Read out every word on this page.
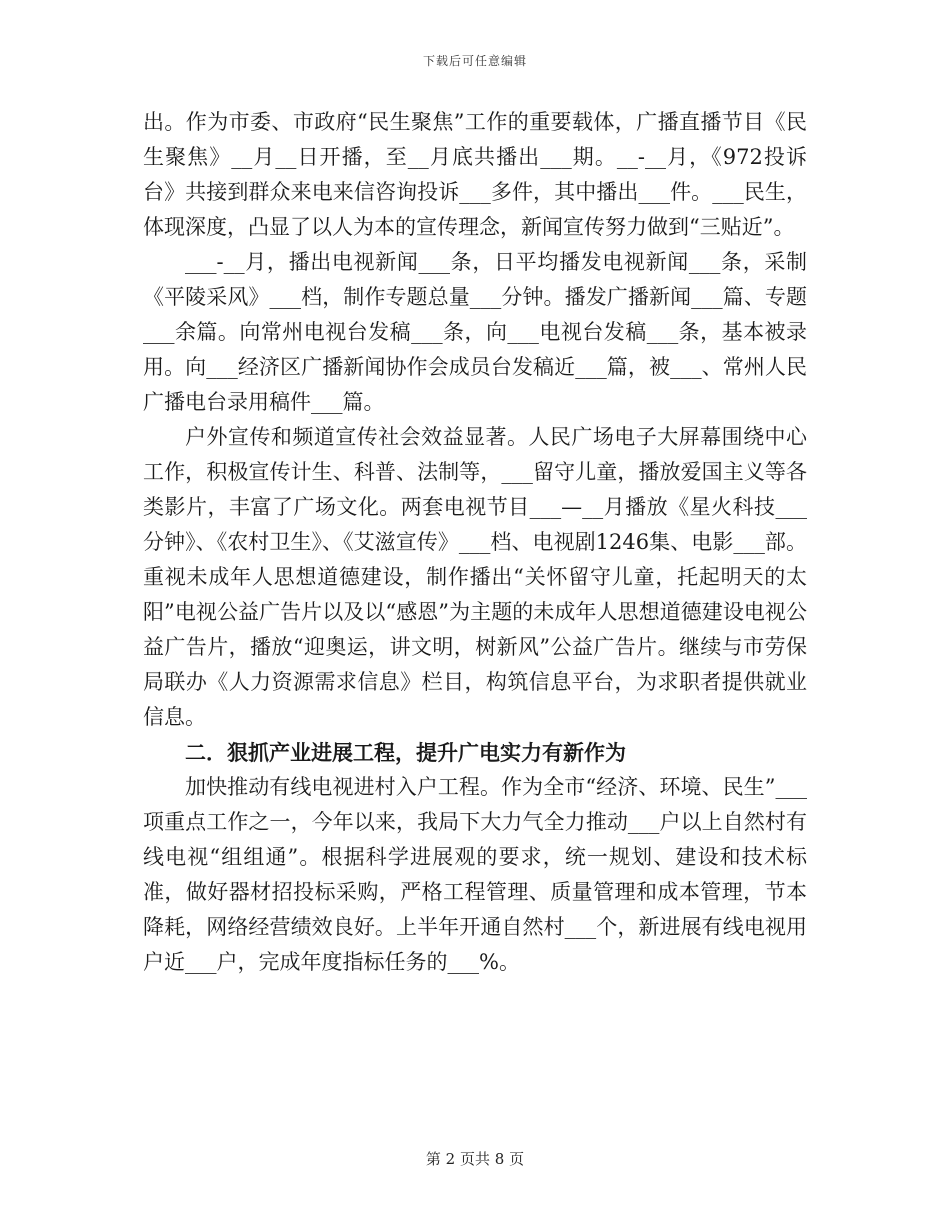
下载后可任意编辑

出。作为市委、市政府“民生聚焦”工作的重要载体，广播直播节目《民生聚焦》__月__日开播，至__月底共播出___期。__-__月，《972投诉台》共接到群众来电来信咨询投诉___多件，其中播出___件。___民生，体现深度，凸显了以人为本的宣传理念，新闻宣传努力做到“三贴近”。

___-__月，播出电视新闻___条，日平均播发电视新闻___条，采制《平陵采风》___档，制作专题总量___分钟。播发广播新闻___篇、专题___余篇。向常州电视台发稿___条，向___电视台发稿___条，基本被录用。向___经济区广播新闻协作会成员台发稿近___篇，被___、常州人民广播电台录用稿件___篇。

户外宣传和频道宣传社会效益显著。人民广场电子大屏幕围绕中心工作，积极宣传计生、科普、法制等，___留守儿童，播放爱国主义等各类影片，丰富了广场文化。两套电视节目___—__月播放《星火科技___分钟》、《农村卫生》、《艾滋宣传》___档、电视剧1246集、电影___部。重视未成年人思想道德建设，制作播出“关怀留守儿童，托起明天的太阳”电视公益广告片以及以“感恩”为主题的未成年人思想道德建设电视公益广告片，播放“迎奥运，讲文明，树新风”公益广告片。继续与市劳保局联办《人力资源需求信息》栏目，构筑信息平台，为求职者提供就业信息。

二．狠抓产业进展工程，提升广电实力有新作为

加快推动有线电视进村入户工程。作为全市“经济、环境、民生”___项重点工作之一，今年以来，我局下大力气全力推动___户以上自然村有线电视“组组通”。根据科学进展观的要求，统一规划、建设和技术标准，做好器材招投标采购，严格工程管理、质量管理和成本管理，节本降耗，网络经营绩效良好。上半年开通自然村___个，新进展有线电视用户近___户，完成年度指标任务的___%。

第 2 页共 8 页
